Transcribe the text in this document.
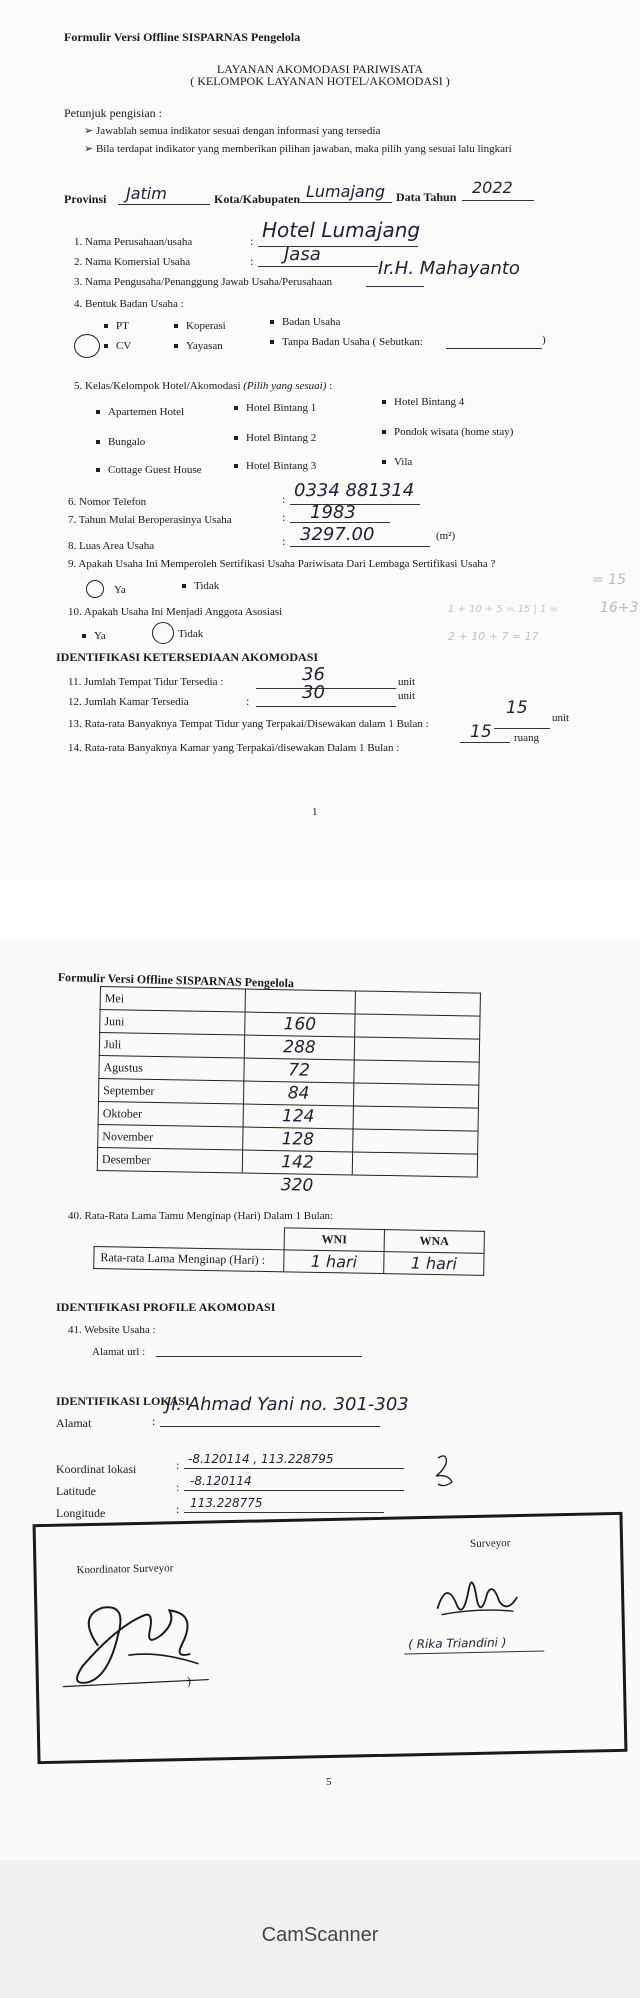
Formulir Versi Offline SISPARNAS Pengelola
LAYANAN AKOMODASI PARIWISATA
( KELOMPOK LAYANAN HOTEL/AKOMODASI )
Petunjuk pengisian :
➢ Jawablah semua indikator sesuai dengan informasi yang tersedia
➢ Bila terdapat indikator yang memberikan pilihan jawaban, maka pilih yang sesuai lalu lingkari
Provinsi Jatim	Kota/Kabupaten Lumajang Data Tahun 2022
1. Nama Perusahaan/usaha	: Hotel Lumajang
2. Nama Komersial Usaha	: Jasa
3. Nama Pengusaha/Penanggung Jawab Usaha/Perusahaan
Ir.H. Mahayanto
4. Bentuk Badan Usaha :
PT	Koperasi	Badan Usaha
CV	Yayasan	Tanpa Badan Usaha ( Sebutkan:	)
5. Kelas/Kelompok Hotel/Akomodasi (Pilih yang sesuai) :
Apartemen Hotel	Hotel Bintang 1	Hotel Bintang 4
Bungalo	Hotel Bintang 2	Pondok wisata (home stay)
Cottage Guest House	Hotel Bintang 3	Vila
6. Nomor Telefon	: 0334 881314
7. Tahun Mulai Beroperasinya Usaha	: 1983
8. Luas Area Usaha	: 3297.00	(m²)
9. Apakah Usaha Ini Memperoleh Sertifikasi Usaha Pariwisata Dari Lembaga Sertifikasi Usaha ?
Ya	Tidak	= 15
16+3
1 + 10 + 5 = 15 | 1 =
2 + 10 + 7 = 17
10. Apakah Usaha Ini Menjadi Anggota Asosiasi
Ya	Tidak
IDENTIFIKASI KETERSEDIAAN AKOMODASI
11. Jumlah Tempat Tidur Tersedia :	36	unit
12. Jumlah Kamar Tersedia	:	30	unit
13. Rata-rata Banyaknya Tempat Tidur yang Terpakai/Disewakan dalam 1 Bulan :
15 unit
14. Rata-rata Banyaknya Kamar yang Terpakai/disewakan Dalam 1 Bulan :
15 ruang
1
Formulir Versi Offline SISPARNAS Pengelola
Mei		
Juni	160	
Juli	288	
Agustus	72	
September	84	
Oktober	124	
November	128	
Desember	142	
	320	
40. Rata-Rata Lama Tamu Menginap (Hari) Dalam 1 Bulan:
	WNI	WNA
Rata-rata Lama Menginap (Hari) :	1 hari	1 hari
IDENTIFIKASI PROFILE AKOMODASI
41. Website Usaha :
Alamat url :
IDENTIFIKASI LOKASI
Alamat	:
Jl. Ahmad Yani no. 301-303
Koordinat lokasi	: -8.120114 , 113.228795
Latitude	: -8.120114
Longitude	: 113.228775
Koordinator Surveyor
)
Surveyor
( Rika Triandini )
5
CamScanner
